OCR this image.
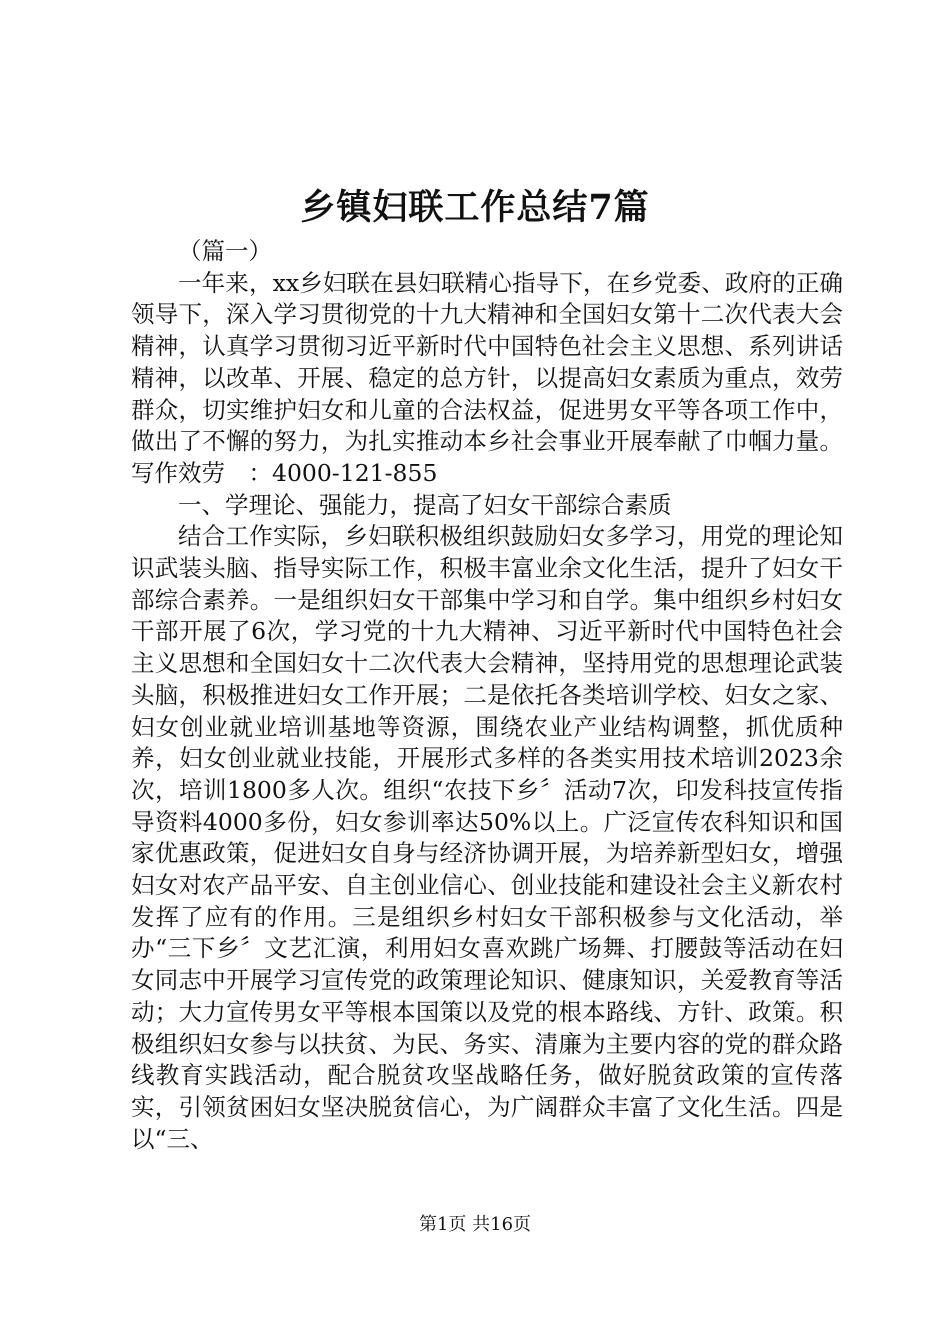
乡镇妇联工作总结7篇

（篇一）

一年来，xx乡妇联在县妇联精心指导下，在乡党委、政府的正确领导下，深入学习贯彻党的十九大精神和全国妇女第十二次代表大会精神，认真学习贯彻习近平新时代中国特色社会主义思想、系列讲话精神，以改革、开展、稳定的总方针，以提高妇女素质为重点，效劳群众，切实维护妇女和儿童的合法权益，促进男女平等各项工作中，做出了不懈的努力，为扎实推动本乡社会事业开展奉献了巾帼力量。写作效劳　：4000-121-855

一、学理论、强能力，提高了妇女干部综合素质

结合工作实际，乡妇联积极组织鼓励妇女多学习，用党的理论知识武装头脑、指导实际工作，积极丰富业余文化生活，提升了妇女干部综合素养。一是组织妇女干部集中学习和自学。集中组织乡村妇女干部开展了6次，学习党的十九大精神、习近平新时代中国特色社会主义思想和全国妇女十二次代表大会精神，坚持用党的思想理论武装头脑，积极推进妇女工作开展；二是依托各类培训学校、妇女之家、妇女创业就业培训基地等资源，围绕农业产业结构调整，抓优质种养，妇女创业就业技能，开展形式多样的各类实用技术培训2023余次，培训1800多人次。组织“农技下乡〞活动7次，印发科技宣传指导资料4000多份，妇女参训率达50%以上。广泛宣传农科知识和国家优惠政策，促进妇女自身与经济协调开展，为培养新型妇女，增强妇女对农产品平安、自主创业信心、创业技能和建设社会主义新农村发挥了应有的作用。三是组织乡村妇女干部积极参与文化活动，举办“三下乡〞文艺汇演，利用妇女喜欢跳广场舞、打腰鼓等活动在妇女同志中开展学习宣传党的政策理论知识、健康知识，关爱教育等活动；大力宣传男女平等根本国策以及党的根本路线、方针、政策。积极组织妇女参与以扶贫、为民、务实、清廉为主要内容的党的群众路线教育实践活动，配合脱贫攻坚战略任务，做好脱贫政策的宣传落实，引领贫困妇女坚决脱贫信心，为广阔群众丰富了文化生活。四是以“三、

第1页 共16页
